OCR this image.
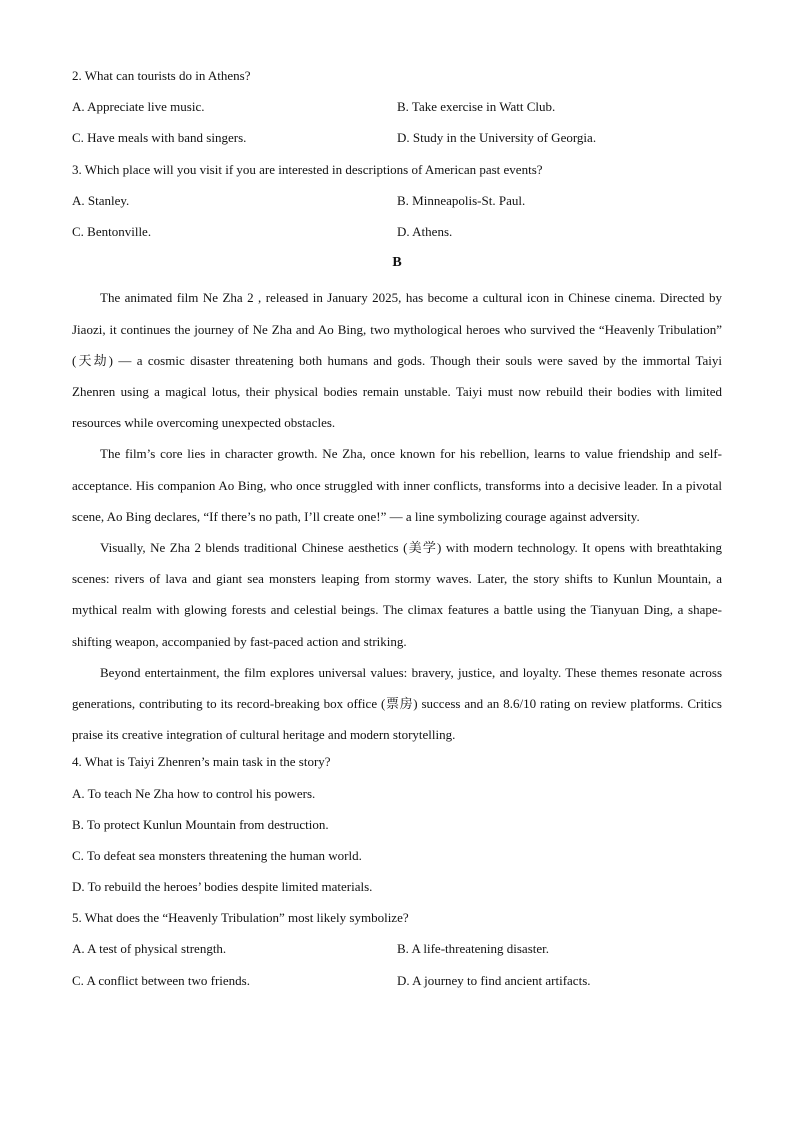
2. What can tourists do in Athens?
A. Appreciate live music.	B. Take exercise in Watt Club.
C. Have meals with band singers.	D. Study in the University of Georgia.
3. Which place will you visit if you are interested in descriptions of American past events?
A. Stanley.	B. Minneapolis-St. Paul.
C. Bentonville.	D. Athens.
B

The animated film Ne Zha 2 , released in January 2025, has become a cultural icon in Chinese cinema. Directed by Jiaozi, it continues the journey of Ne Zha and Ao Bing, two mythological heroes who survived the “Heavenly Tribulation” (天劫) — a cosmic disaster threatening both humans and gods. Though their souls were saved by the immortal Taiyi Zhenren using a magical lotus, their physical bodies remain unstable. Taiyi must now rebuild their bodies with limited resources while overcoming unexpected obstacles.

The film’s core lies in character growth. Ne Zha, once known for his rebellion, learns to value friendship and self-acceptance. His companion Ao Bing, who once struggled with inner conflicts, transforms into a decisive leader. In a pivotal scene, Ao Bing declares, “If there’s no path, I’ll create one!” — a line symbolizing courage against adversity.

Visually, Ne Zha 2 blends traditional Chinese aesthetics (美学) with modern technology. It opens with breathtaking scenes: rivers of lava and giant sea monsters leaping from stormy waves. Later, the story shifts to Kunlun Mountain, a mythical realm with glowing forests and celestial beings. The climax features a battle using the Tianyuan Ding, a shape-shifting weapon, accompanied by fast-paced action and striking.

Beyond entertainment, the film explores universal values: bravery, justice, and loyalty. These themes resonate across generations, contributing to its record-breaking box office (票房) success and an 8.6/10 rating on review platforms. Critics praise its creative integration of cultural heritage and modern storytelling.

4. What is Taiyi Zhenren’s main task in the story?
A. To teach Ne Zha how to control his powers.
B. To protect Kunlun Mountain from destruction.
C. To defeat sea monsters threatening the human world.
D. To rebuild the heroes’ bodies despite limited materials.
5. What does the “Heavenly Tribulation” most likely symbolize?
A. A test of physical strength.	B. A life-threatening disaster.
C. A conflict between two friends.	D. A journey to find ancient artifacts.
